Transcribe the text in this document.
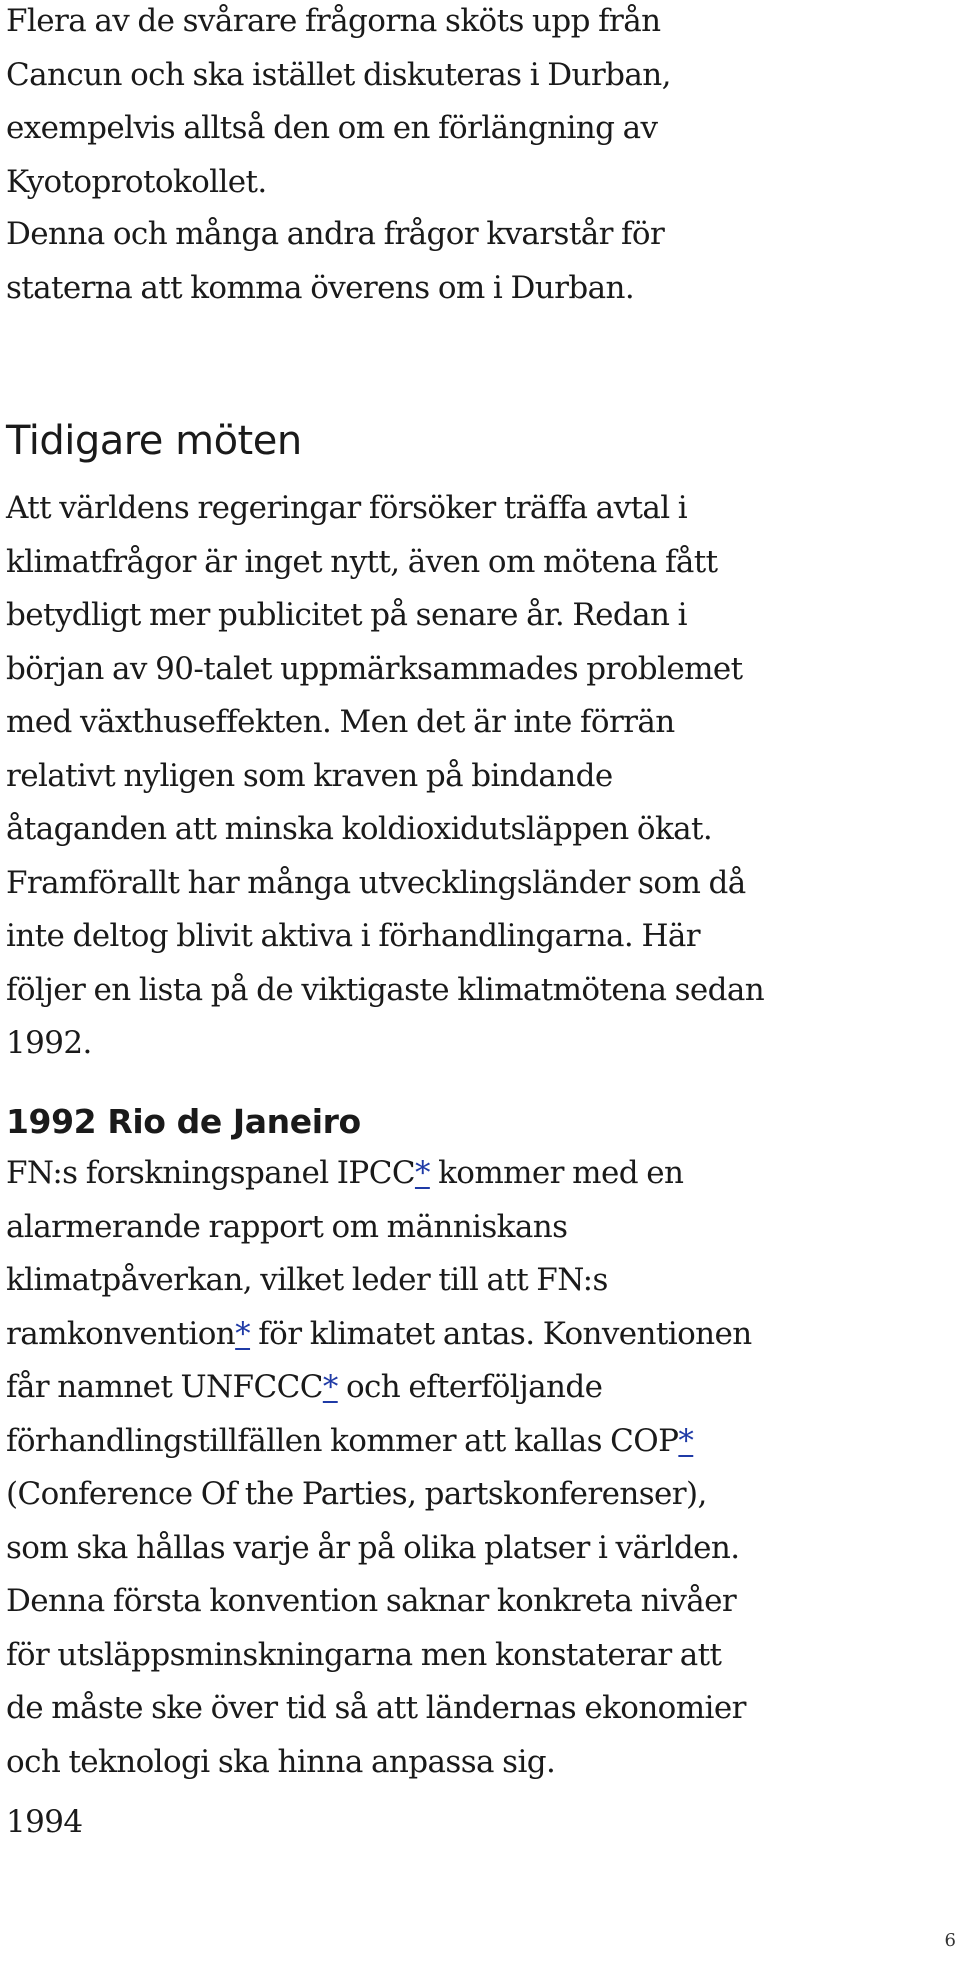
Flera av de svårare frågorna sköts upp från Cancun och ska istället diskuteras i Durban, exempelvis alltså den om en förlängning av Kyotoprotokollet.

Denna och många andra frågor kvarstår för staterna att komma överens om i Durban.

Tidigare möten

Att världens regeringar försöker träffa avtal i klimatfrågor är inget nytt, även om mötena fått betydligt mer publicitet på senare år. Redan i början av 90-talet uppmärksammades problemet med växthuseffekten. Men det är inte förrän relativt nyligen som kraven på bindande åtaganden att minska koldioxidutsläppen ökat. Framförallt har många utvecklingsländer som då inte deltog blivit aktiva i förhandlingarna. Här följer en lista på de viktigaste klimatmötena sedan 1992.

1992 Rio de Janeiro

FN:s forskningspanel IPCC* kommer med en alarmerande rapport om människans klimatpåverkan, vilket leder till att FN:s ramkonvention* för klimatet antas. Konventionen får namnet UNFCCC* och efterföljande förhandlingstillfällen kommer att kallas COP* (Conference Of the Parties, partskonferenser), som ska hållas varje år på olika platser i världen. Denna första konvention saknar konkreta nivåer för utsläppsminskningarna men konstaterar att de måste ske över tid så att ländernas ekonomier och teknologi ska hinna anpassa sig.

1994

6
